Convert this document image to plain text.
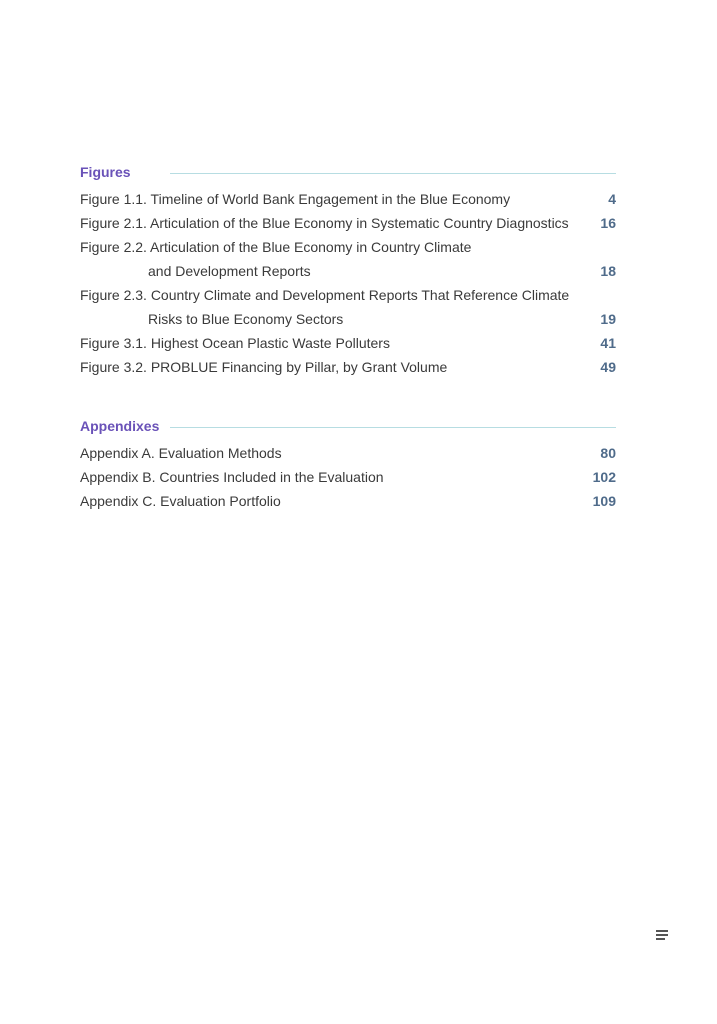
Figures
Figure 1.1. Timeline of World Bank Engagement in the Blue Economy	4
Figure 2.1. Articulation of the Blue Economy in Systematic Country Diagnostics	16
Figure 2.2. Articulation of the Blue Economy in Country Climate
and Development Reports	18
Figure 2.3. Country Climate and Development Reports That Reference Climate
Risks to Blue Economy Sectors	19
Figure 3.1. Highest Ocean Plastic Waste Polluters	41
Figure 3.2. PROBLUE Financing by Pillar, by Grant Volume	49
Appendixes
Appendix A. Evaluation Methods	80
Appendix B. Countries Included in the Evaluation	102
Appendix C. Evaluation Portfolio	109
